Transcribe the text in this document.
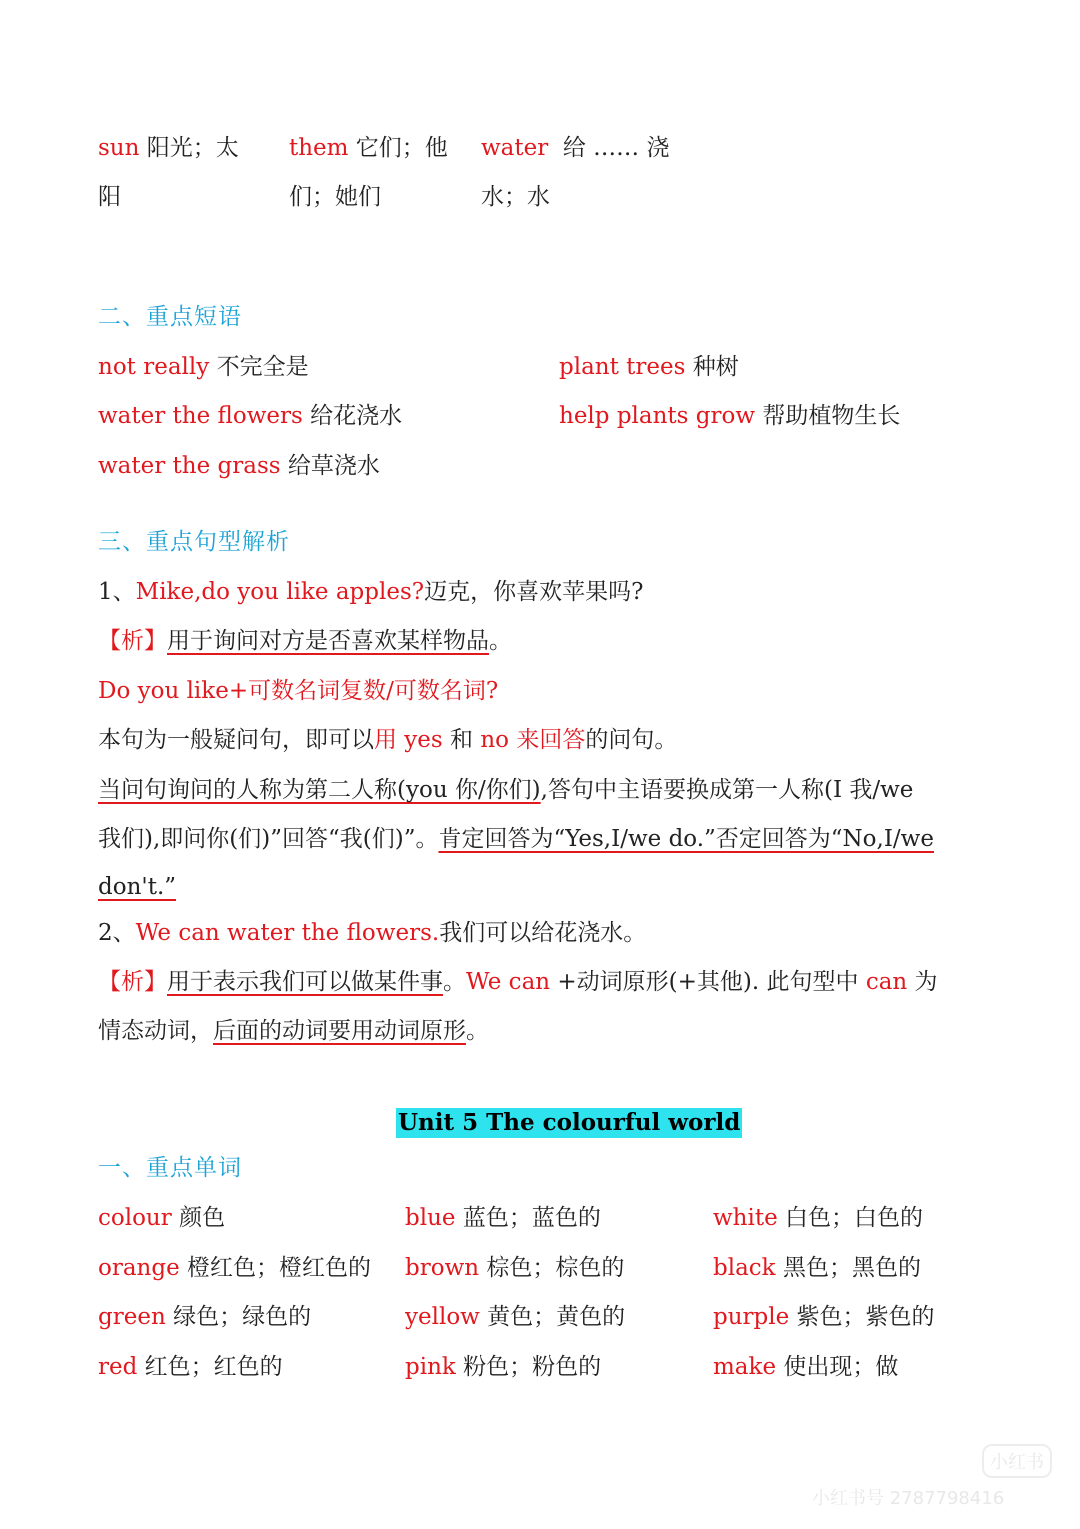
sun 阳光；太
阳
them 它们；他
们；她们
water 给 …… 浇
水；水
二、重点短语
not really 不完全是	plant trees 种树
water the flowers 给花浇水	help plants grow 帮助植物生长
water the grass 给草浇水
三、重点句型解析
1、Mike,do you like apples?迈克，你喜欢苹果吗?
【析】用于询问对方是否喜欢某样物品。
Do you like+可数名词复数/可数名词?
本句为一般疑问句，即可以用 yes 和 no 来回答的问句。
当问句询问的人称为第二人称(you 你/你们),答句中主语要换成第一人称(I 我/we
我们),即问你(们)”回答“我(们)”。肯定回答为“Yes,I/we do.”否定回答为“No,I/we
don't.”
2、We can water the flowers.我们可以给花浇水。
【析】用于表示我们可以做某件事。We can +动词原形(+其他). 此句型中 can 为
情态动词，后面的动词要用动词原形。
Unit 5 The colourful world
一、重点单词
colour 颜色	blue 蓝色；蓝色的	white 白色；白色的
orange 橙红色；橙红色的 brown 棕色；棕色的	black 黑色；黑色的
green 绿色；绿色的	yellow 黄色；黄色的	purple 紫色；紫色的
red 红色；红色的	pink 粉色；粉色的	make 使出现；做
小红书
小红书号 2787798416
